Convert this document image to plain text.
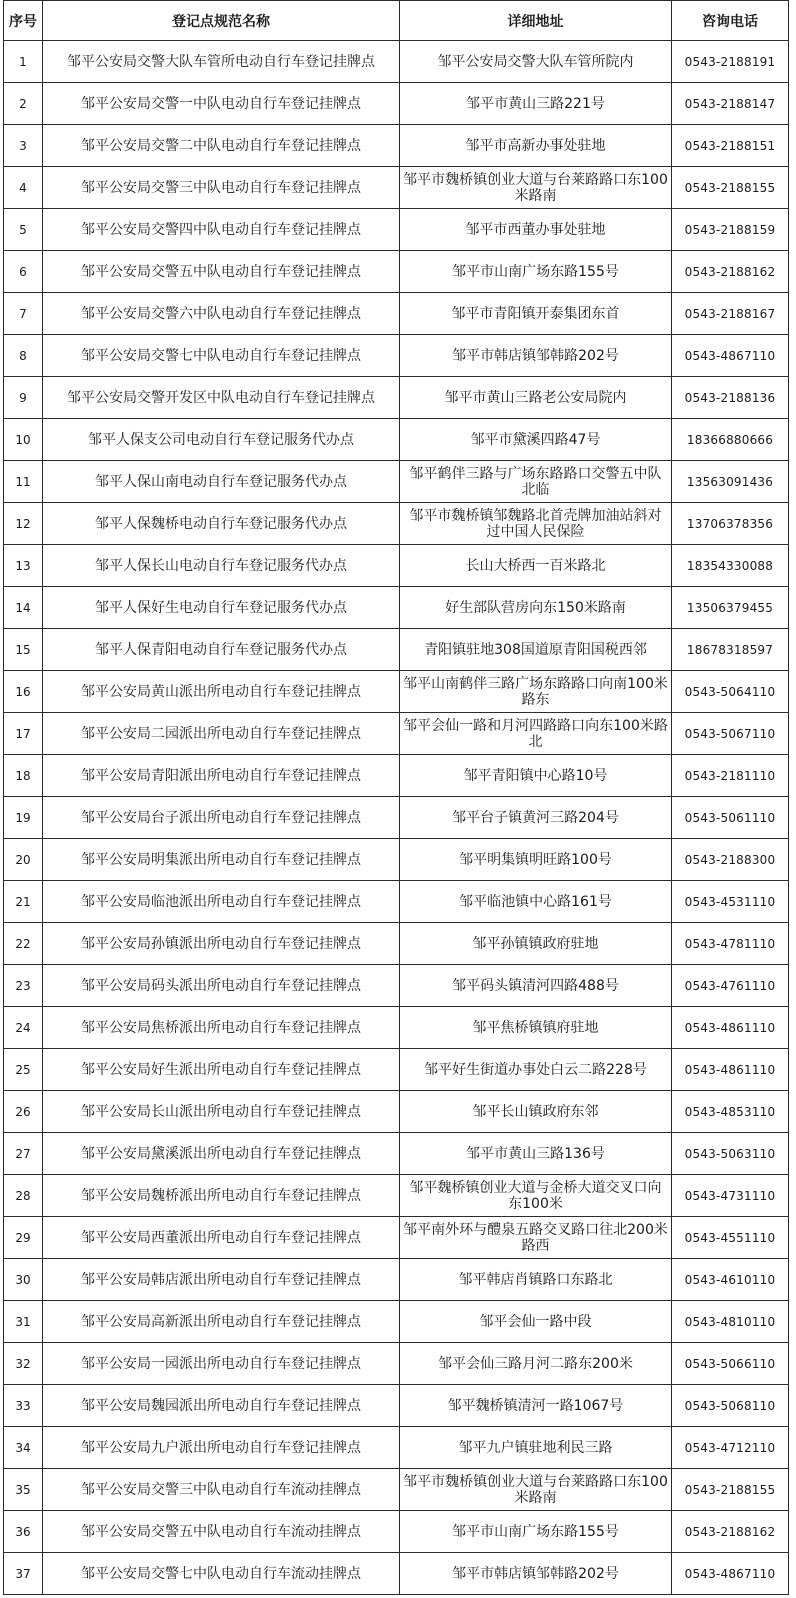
序号	登记点规范名称	详细地址	咨询电话
1	邹平公安局交警大队车管所电动自行车登记挂牌点	邹平公安局交警大队车管所院内	0543-2188191
2	邹平公安局交警一中队电动自行车登记挂牌点	邹平市黄山三路221号	0543-2188147
3	邹平公安局交警二中队电动自行车登记挂牌点	邹平市高新办事处驻地	0543-2188151
4	邹平公安局交警三中队电动自行车登记挂牌点	邹平市魏桥镇创业大道与台莱路路口东100米路南	0543-2188155
5	邹平公安局交警四中队电动自行车登记挂牌点	邹平市西董办事处驻地	0543-2188159
6	邹平公安局交警五中队电动自行车登记挂牌点	邹平市山南广场东路155号	0543-2188162
7	邹平公安局交警六中队电动自行车登记挂牌点	邹平市青阳镇开泰集团东首	0543-2188167
8	邹平公安局交警七中队电动自行车登记挂牌点	邹平市韩店镇邹韩路202号	0543-4867110
9	邹平公安局交警开发区中队电动自行车登记挂牌点	邹平市黄山三路老公安局院内	0543-2188136
10	邹平人保支公司电动自行车登记服务代办点	邹平市黛溪四路47号	18366880666
11	邹平人保山南电动自行车登记服务代办点	邹平鹤伴三路与广场东路路口交警五中队北临	13563091436
12	邹平人保魏桥电动自行车登记服务代办点	邹平市魏桥镇邹魏路北首壳牌加油站斜对过中国人民保险	13706378356
13	邹平人保长山电动自行车登记服务代办点	长山大桥西一百米路北	18354330088
14	邹平人保好生电动自行车登记服务代办点	好生部队营房向东150米路南	13506379455
15	邹平人保青阳电动自行车登记服务代办点	青阳镇驻地308国道原青阳国税西邻	18678318597
16	邹平公安局黄山派出所电动自行车登记挂牌点	邹平山南鹤伴三路广场东路路口向南100米路东	0543-5064110
17	邹平公安局二园派出所电动自行车登记挂牌点	邹平会仙一路和月河四路路口向东100米路北	0543-5067110
18	邹平公安局青阳派出所电动自行车登记挂牌点	邹平青阳镇中心路10号	0543-2181110
19	邹平公安局台子派出所电动自行车登记挂牌点	邹平台子镇黄河三路204号	0543-5061110
20	邹平公安局明集派出所电动自行车登记挂牌点	邹平明集镇明旺路100号	0543-2188300
21	邹平公安局临池派出所电动自行车登记挂牌点	邹平临池镇中心路161号	0543-4531110
22	邹平公安局孙镇派出所电动自行车登记挂牌点	邹平孙镇镇政府驻地	0543-4781110
23	邹平公安局码头派出所电动自行车登记挂牌点	邹平码头镇清河四路488号	0543-4761110
24	邹平公安局焦桥派出所电动自行车登记挂牌点	邹平焦桥镇镇府驻地	0543-4861110
25	邹平公安局好生派出所电动自行车登记挂牌点	邹平好生街道办事处白云二路228号	0543-4861110
26	邹平公安局长山派出所电动自行车登记挂牌点	邹平长山镇政府东邻	0543-4853110
27	邹平公安局黛溪派出所电动自行车登记挂牌点	邹平市黄山三路136号	0543-5063110
28	邹平公安局魏桥派出所电动自行车登记挂牌点	邹平魏桥镇创业大道与金桥大道交叉口向东100米	0543-4731110
29	邹平公安局西董派出所电动自行车登记挂牌点	邹平南外环与醴泉五路交叉路口往北200米路西	0543-4551110
30	邹平公安局韩店派出所电动自行车登记挂牌点	邹平韩店肖镇路口东路北	0543-4610110
31	邹平公安局高新派出所电动自行车登记挂牌点	邹平会仙一路中段	0543-4810110
32	邹平公安局一园派出所电动自行车登记挂牌点	邹平会仙三路月河二路东200米	0543-5066110
33	邹平公安局魏园派出所电动自行车登记挂牌点	邹平魏桥镇清河一路1067号	0543-5068110
34	邹平公安局九户派出所电动自行车登记挂牌点	邹平九户镇驻地利民三路	0543-4712110
35	邹平公安局交警三中队电动自行车流动挂牌点	邹平市魏桥镇创业大道与台莱路路口东100米路南	0543-2188155
36	邹平公安局交警五中队电动自行车流动挂牌点	邹平市山南广场东路155号	0543-2188162
37	邹平公安局交警七中队电动自行车流动挂牌点	邹平市韩店镇邹韩路202号	0543-4867110
